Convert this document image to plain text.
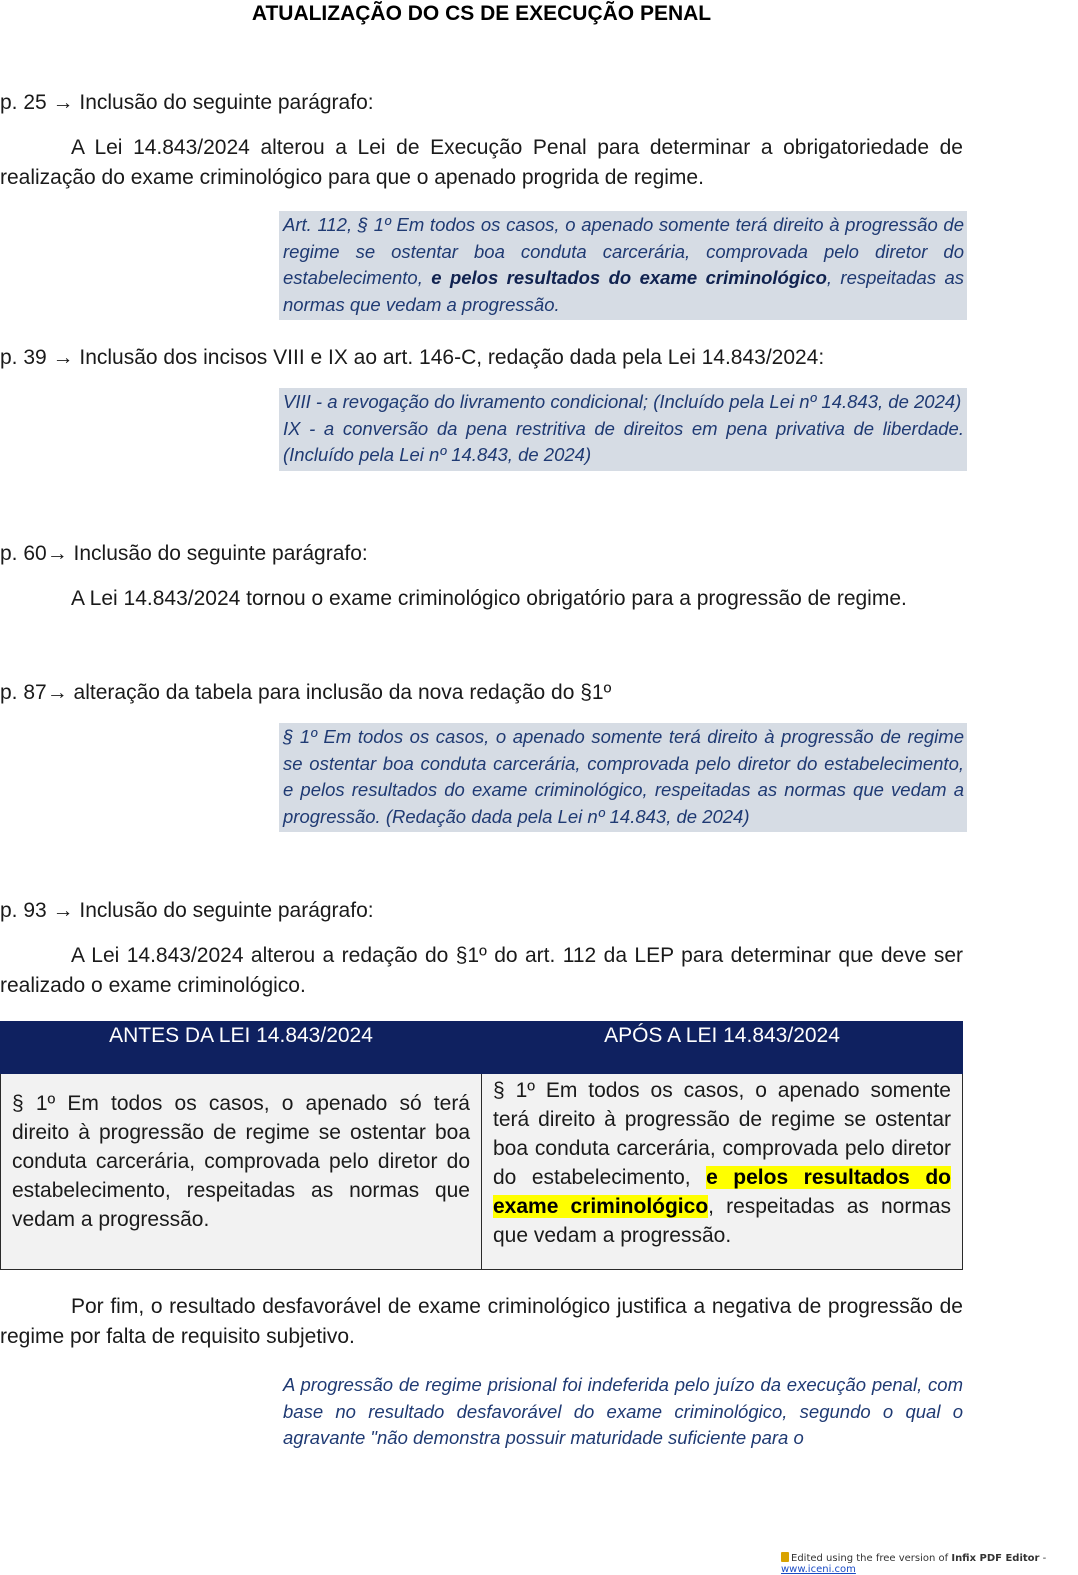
ATUALIZAÇÃO DO CS DE EXECUÇÃO PENAL
p. 25 → Inclusão do seguinte parágrafo:
A Lei 14.843/2024 alterou a Lei de Execução Penal para determinar a obrigatoriedade de realização do exame criminológico para que o apenado progrida de regime.
Art. 112, § 1º Em todos os casos, o apenado somente terá direito à progressão de regime se ostentar boa conduta carcerária, comprovada pelo diretor do estabelecimento, e pelos resultados do exame criminológico, respeitadas as normas que vedam a progressão.
p. 39 → Inclusão dos incisos VIII e IX ao art. 146-C, redação dada pela Lei 14.843/2024:
VIII - a revogação do livramento condicional; (Incluído pela Lei nº 14.843, de 2024)
IX - a conversão da pena restritiva de direitos em pena privativa de liberdade. (Incluído pela Lei nº 14.843, de 2024)
p. 60→ Inclusão do seguinte parágrafo:
A Lei 14.843/2024 tornou o exame criminológico obrigatório para a progressão de regime.
p. 87→ alteração da tabela para inclusão da nova redação do §1º
§ 1º Em todos os casos, o apenado somente terá direito à progressão de regime se ostentar boa conduta carcerária, comprovada pelo diretor do estabelecimento, e pelos resultados do exame criminológico, respeitadas as normas que vedam a progressão. (Redação dada pela Lei nº 14.843, de 2024)
p. 93 → Inclusão do seguinte parágrafo:
A Lei 14.843/2024 alterou a redação do §1º do art. 112 da LEP para determinar que deve ser realizado o exame criminológico.
ANTES DA LEI 14.843/2024	APÓS A LEI 14.843/2024
§ 1º Em todos os casos, o apenado só terá direito à progressão de regime se ostentar boa conduta carcerária, comprovada pelo diretor do estabelecimento, respeitadas as normas que vedam a progressão.	§ 1º Em todos os casos, o apenado somente terá direito à progressão de regime se ostentar boa conduta carcerária, comprovada pelo diretor do estabelecimento, e pelos resultados do exame criminológico, respeitadas as normas que vedam a progressão.
Por fim, o resultado desfavorável de exame criminológico justifica a negativa de progressão de regime por falta de requisito subjetivo.
A progressão de regime prisional foi indeferida pelo juízo da execução penal, com base no resultado desfavorável do exame criminológico, segundo o qual o agravante "não demonstra possuir maturidade suficiente para o
Edited using the free version of Infix PDF Editor - www.iceni.com
